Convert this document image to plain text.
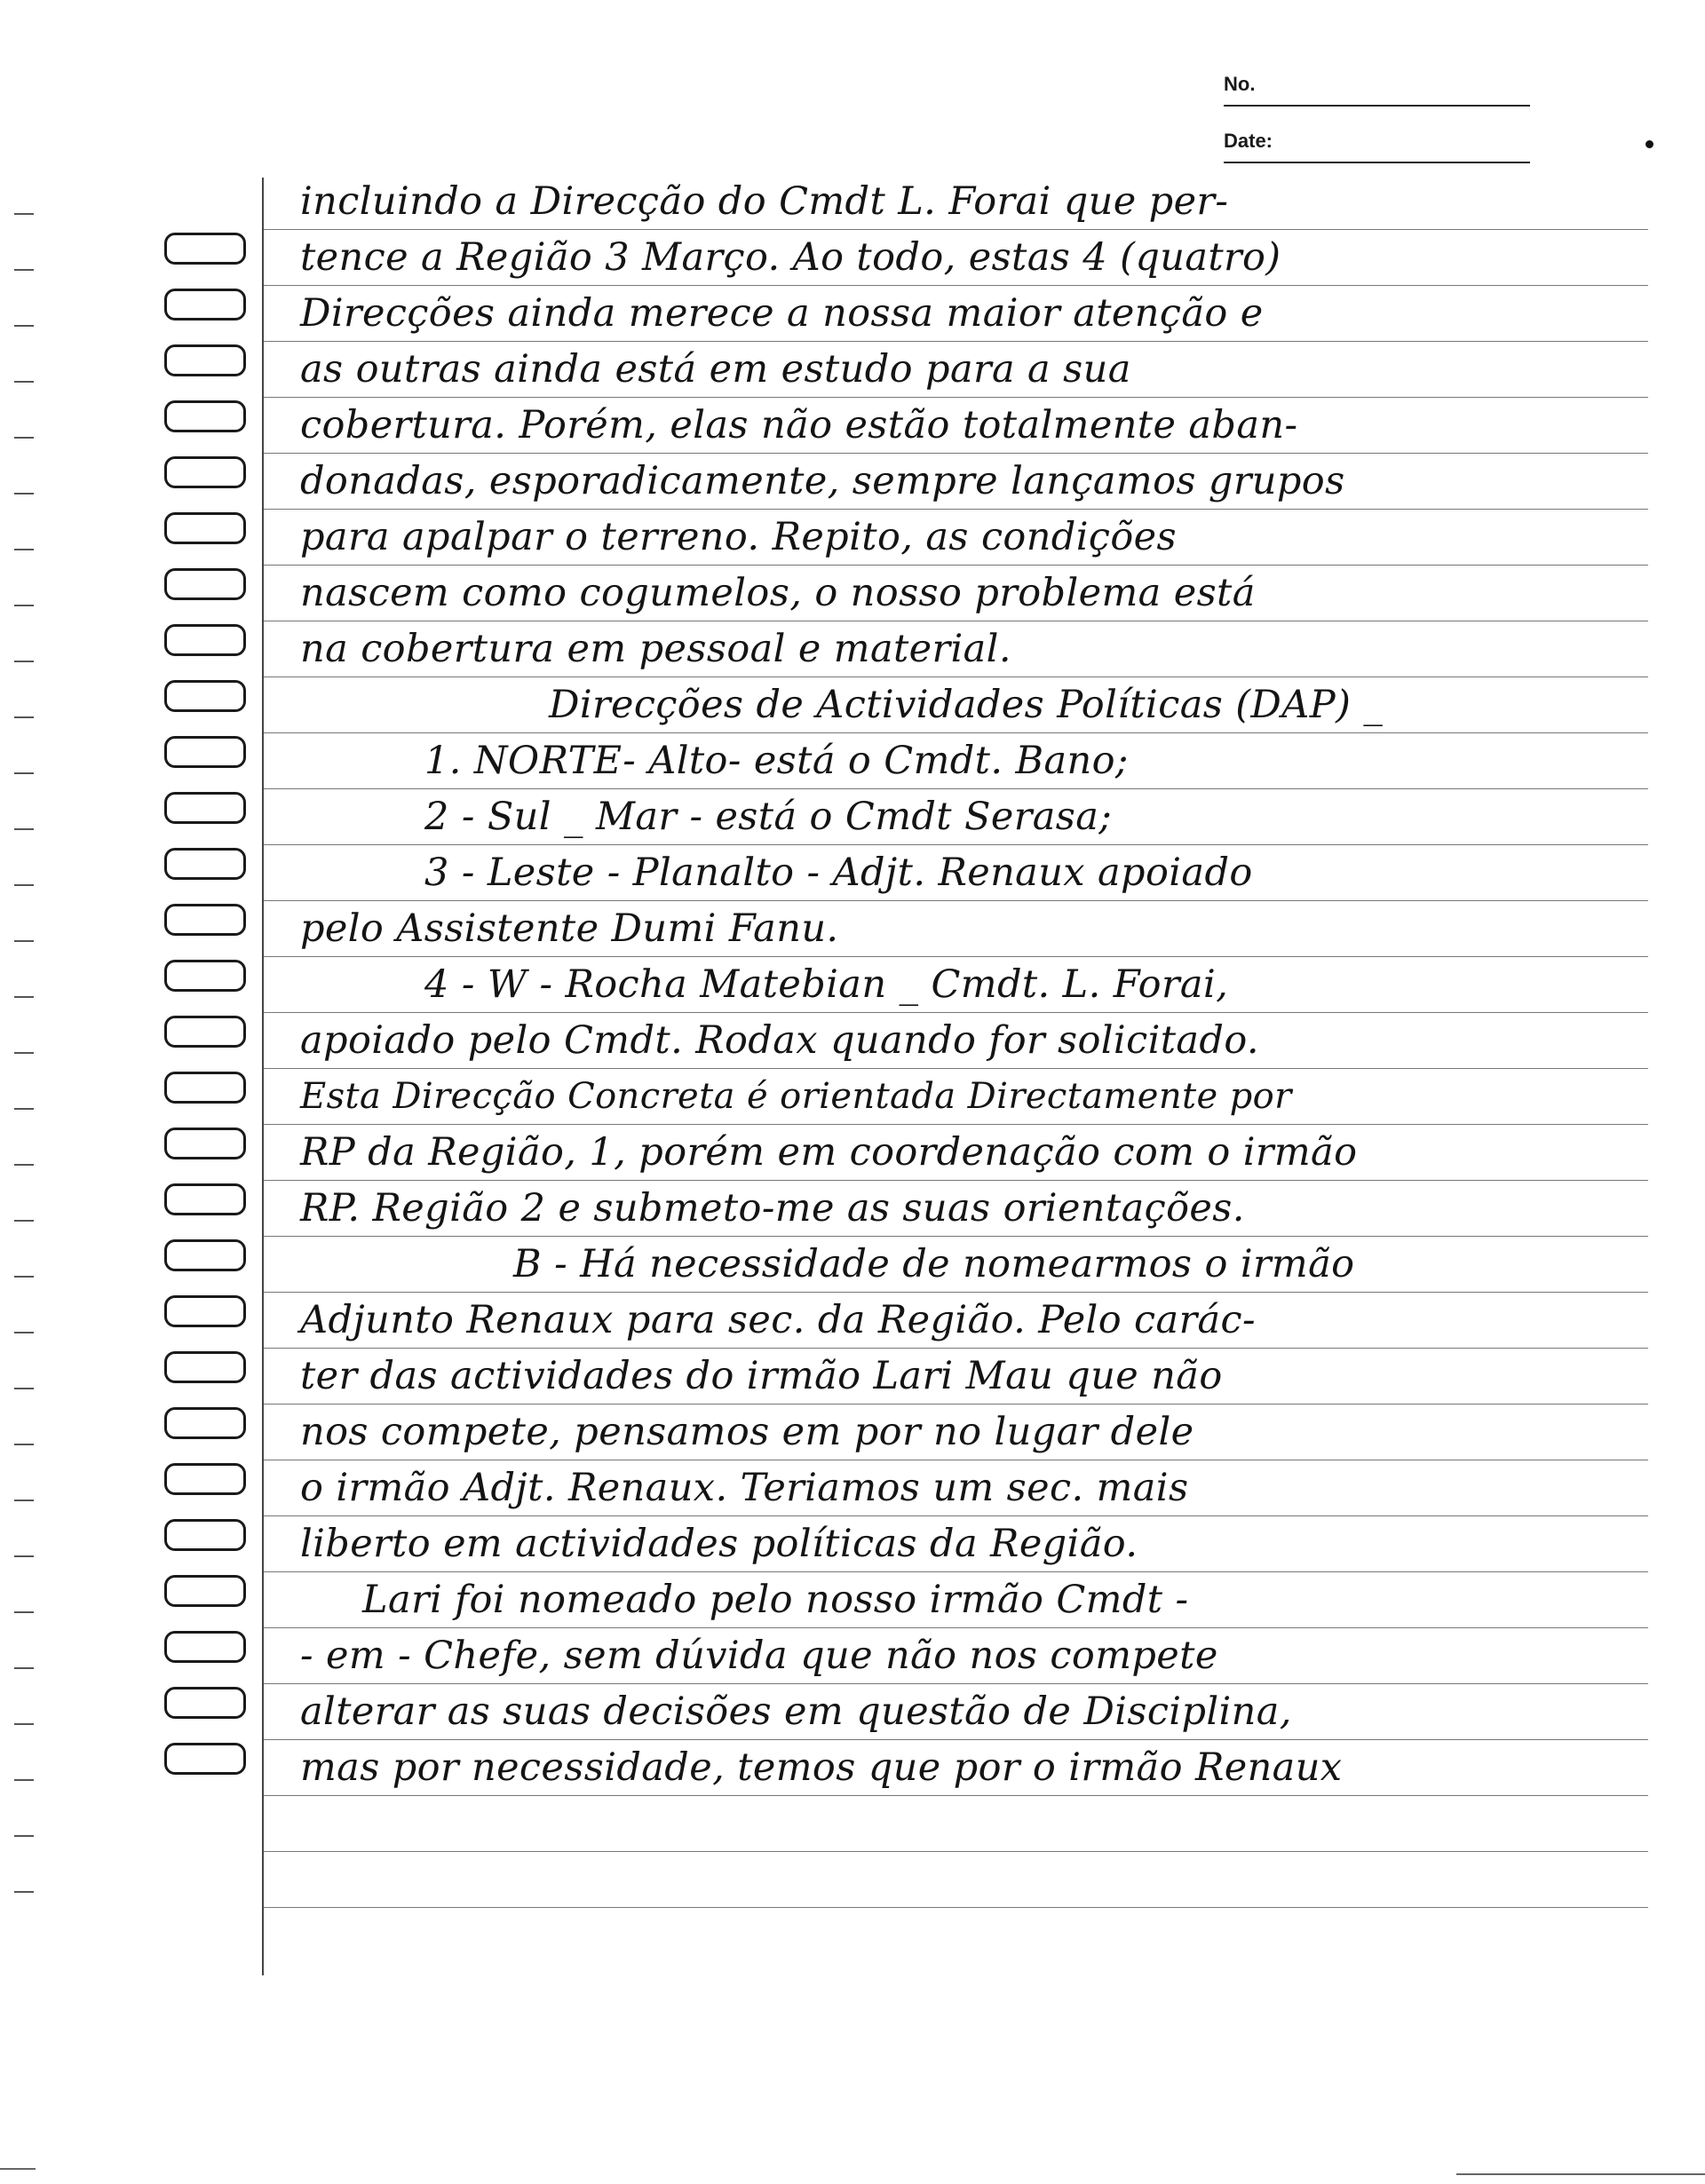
No.
Date:
incluindo a Direcção do Cmdt L. Forai que per-
tence a Região 3 Março. Ao todo, estas 4 (quatro)
Direcções ainda merece a nossa maior atenção e
as outras ainda está em estudo para a sua
cobertura. Porém, elas não estão totalmente aban-
donadas, esporadicamente, sempre lançamos grupos
para apalpar o terreno. Repito, as condições
nascem como cogumelos, o nosso problema está
na cobertura em pessoal e material.
Direcções de Actividades Políticas (DAP) _
1. NORTE- Alto- está o Cmdt. Bano;
2 - Sul _ Mar - está o Cmdt Serasa;
3 - Leste - Planalto - Adjt. Renaux apoiado
pelo Assistente Dumi Fanu.
4 - W - Rocha Matebian _ Cmdt. L. Forai,
apoiado pelo Cmdt. Rodax quando for solicitado.
Esta Direcção Concreta é orientada Directamente por
RP da Região, 1, porém em coordenação com o irmão
RP. Região 2 e submeto-me as suas orientações.
B - Há necessidade de nomearmos o irmão
Adjunto Renaux para sec. da Região. Pelo carác-
ter das actividades do irmão Lari Mau que não
nos compete, pensamos em por no lugar dele
o irmão Adjt. Renaux. Teriamos um sec. mais
liberto em actividades políticas da Região.
Lari foi nomeado pelo nosso irmão Cmdt -
- em - Chefe, sem dúvida que não nos compete
alterar as suas decisões em questão de Disciplina,
mas por necessidade, temos que por o irmão Renaux
